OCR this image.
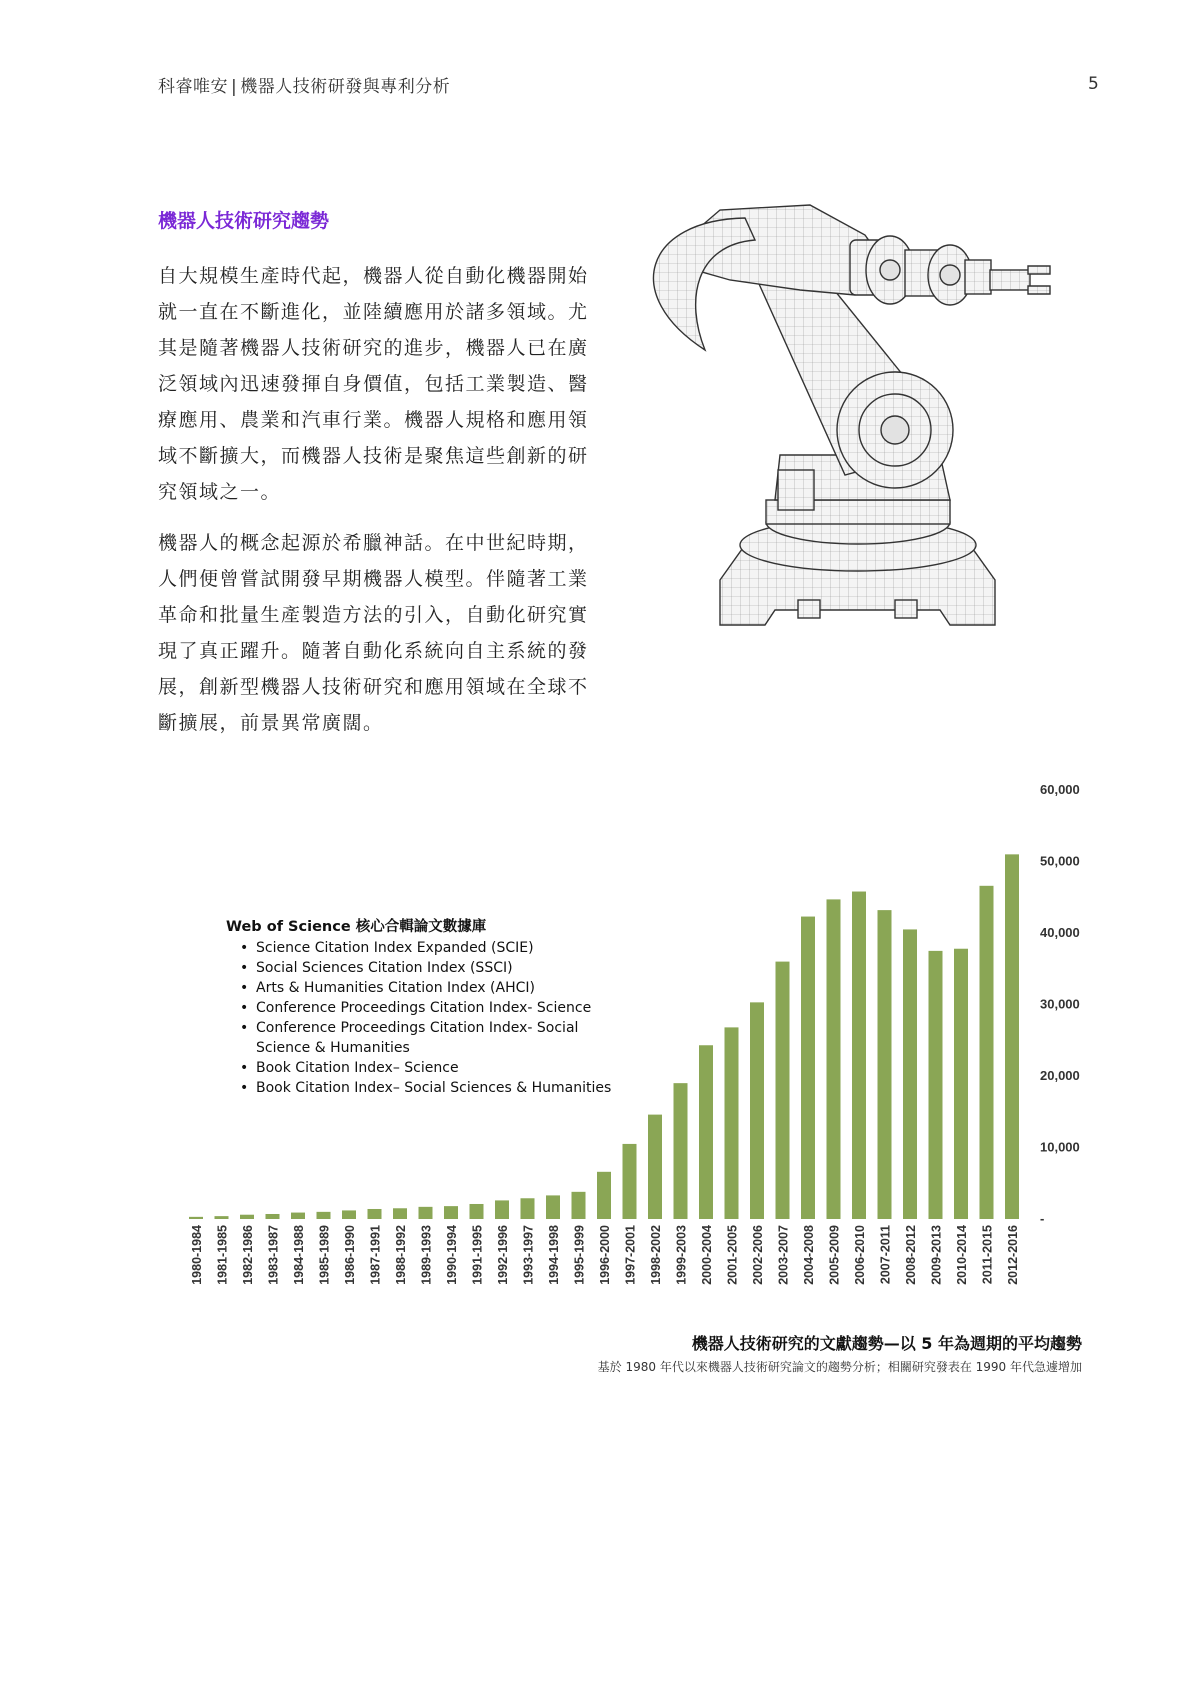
科睿唯安 | 機器人技術研發與專利分析	5
機器人技術研究趨勢

自大規模生產時代起，機器人從自動化機器開始就一直在不斷進化，並陸續應用於諸多領域。尤其是隨著機器人技術研究的進步，機器人已在廣泛領域內迅速發揮自身價值，包括工業製造、醫療應用、農業和汽車行業。機器人規格和應用領域不斷擴大，而機器人技術是聚焦這些創新的研究領域之一。

機器人的概念起源於希臘神話。在中世紀時期，人們便曾嘗試開發早期機器人模型。伴隨著工業革命和批量生產製造方法的引入，自動化研究實現了真正躍升。隨著自動化系統向自主系統的發展，創新型機器人技術研究和應用領域在全球不斷擴展，前景異常廣闊。

Web of Science 核心合輯論文數據庫
• Science Citation Index Expanded (SCIE)
• Social Sciences Citation Index (SSCI)
• Arts & Humanities Citation Index (AHCI)
• Conference Proceedings Citation Index- Science
• Conference Proceedings Citation Index- Social Science & Humanities
• Book Citation Index– Science
• Book Citation Index– Social Sciences & Humanities
1980-1984 1981-1985 1982-1986 1983-1987 1984-1988 1985-1989 1986-1990 1987-1991 1988-1992 1989-1993 1990-1994 1991-1995 1992-1996 1993-1997 1994-1998 1995-1999 1996-2000 1997-2001 1998-2002 1999-2003 2000-2004 2001-2005 2002-2006 2003-2007 2004-2008 2005-2009 2006-2010 2007-2011 2008-2012 2009-2013 2010-2014 2011-2015 2012-2016
-
10,000
20,000
30,000
40,000
50,000
60,000
機器人技術研究的文獻趨勢—以 5 年為週期的平均趨勢
基於 1980 年代以來機器人技術研究論文的趨勢分析；相關研究發表在 1990 年代急遽增加
